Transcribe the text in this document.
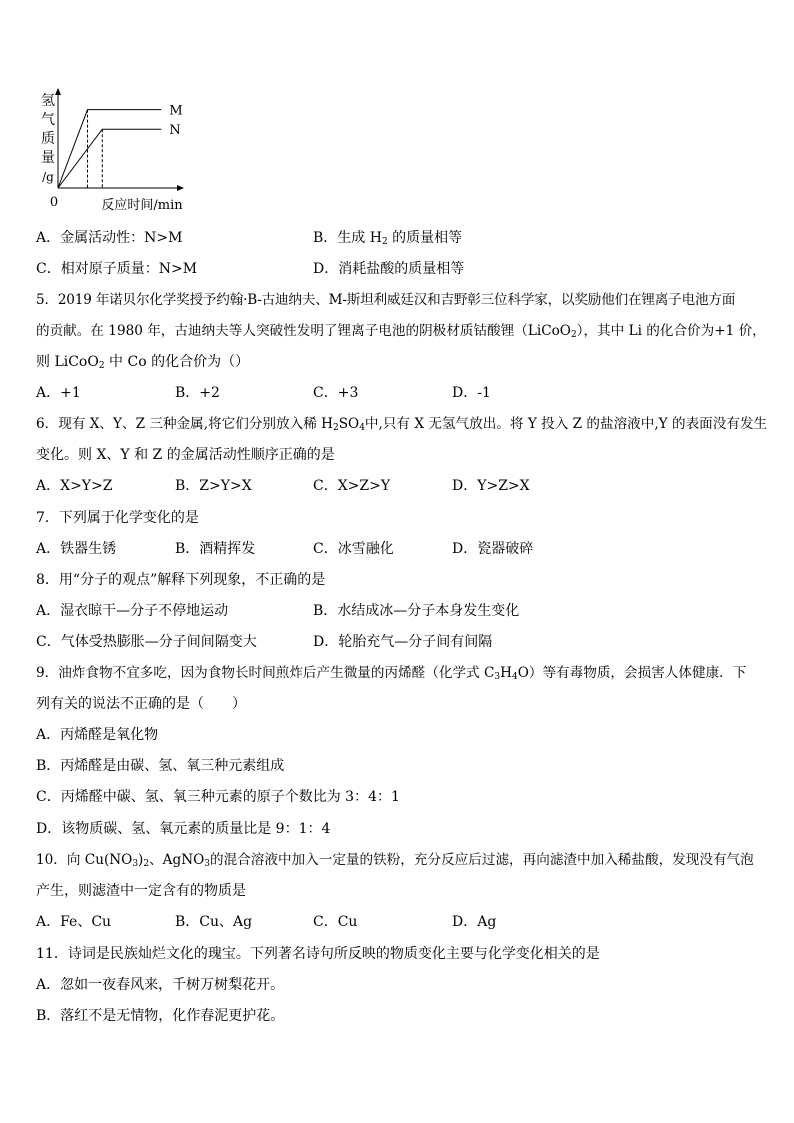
氢
气
质
量
/g
0	反应时间/min
M
N
A．金属活动性：N>M	B．生成 $H_2$ 的质量相等
C．相对原子质量：N>M	D．消耗盐酸的质量相等
5．2019 年诺贝尔化学奖授予约翰·B-古迪纳夫、M-斯坦利威廷汉和吉野彰三位科学家，以奖励他们在锂离子电池方面
的贡献。在 1980 年，古迪纳夫等人突破性发明了锂离子电池的阴极材质钴酸锂（LiCoO$_2$），其中 Li 的化合价为+1 价，
则 LiCoO$_2$ 中 Co 的化合价为（）
A．+1	B．+2	C．+3	D．-1
6．现有 X、Y、Z 三种金属,将它们分别放入稀 $H_2SO_4$中,只有 X 无氢气放出。将 Y 投入 Z 的盐溶液中,Y 的表面没有发生
变化。则 X、Y 和 Z 的金属活动性顺序正确的是
A．X>Y>Z	B．Z>Y>X	C．X>Z>Y	D．Y>Z>X
7．下列属于化学变化的是
A．铁器生锈	B．酒精挥发	C．冰雪融化	D．瓷器破碎
8．用“分子的观点”解释下列现象，不正确的是
A．湿衣晾干—分子不停地运动	B．水结成冰—分子本身发生变化
C．气体受热膨胀—分子间间隔变大	D．轮胎充气—分子间有间隔
9．油炸食物不宜多吃，因为食物长时间煎炸后产生微量的丙烯醛（化学式 $C_3H_4O$）等有毒物质，会损害人体健康．下
列有关的说法不正确的是（　　）
A．丙烯醛是氧化物
B．丙烯醛是由碳、氢、氧三种元素组成
C．丙烯醛中碳、氢、氧三种元素的原子个数比为 3：4：1
D．该物质碳、氢、氧元素的质量比是 9：1：4
10．向 $Cu(NO_3)_2$、AgNO$_3$的混合溶液中加入一定量的铁粉，充分反应后过滤，再向滤渣中加入稀盐酸，发现没有气泡
产生，则滤渣中一定含有的物质是
A．Fe、Cu	B．Cu、Ag	C．Cu	D．Ag
11．诗词是民族灿烂文化的瑰宝。下列著名诗句所反映的物质变化主要与化学变化相关的是
A．忽如一夜春风来，千树万树梨花开。
B．落红不是无情物，化作春泥更护花。
